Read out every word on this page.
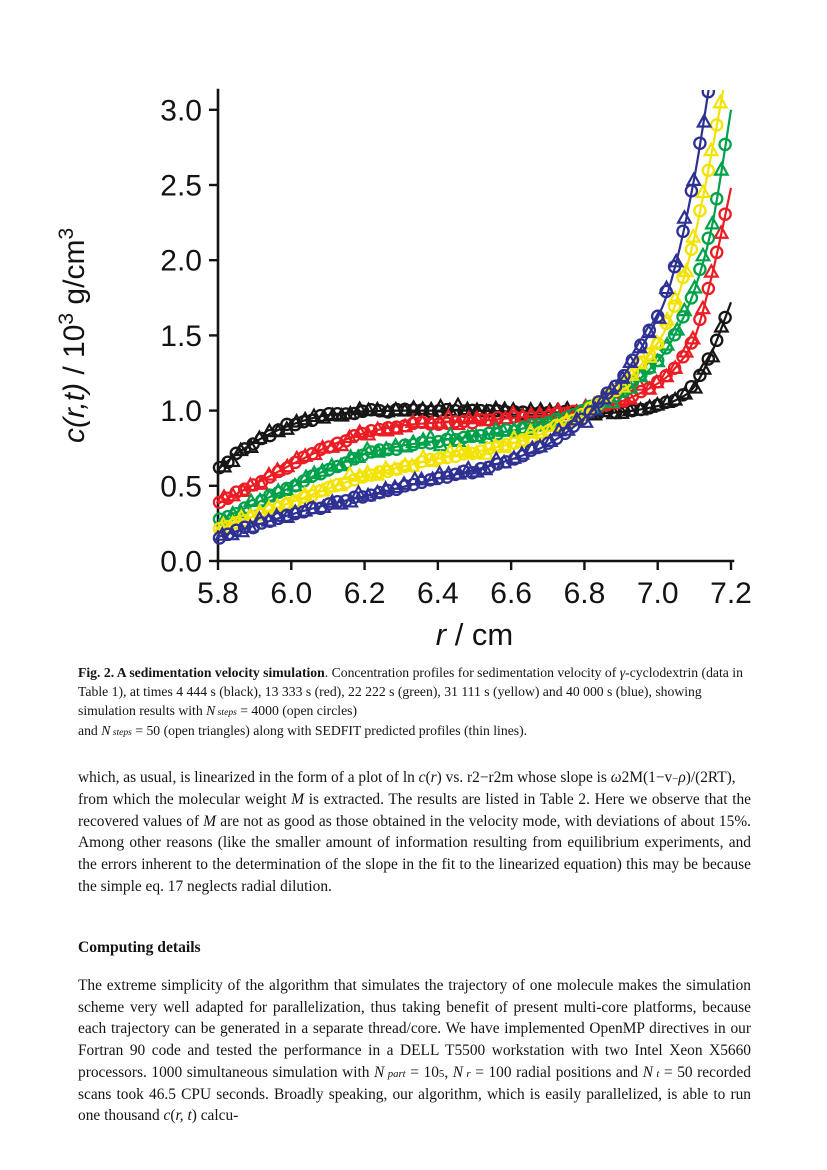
5.8 6.0 6.2 6.4 6.6 6.8 7.0 7.2
0.0
0.5
1.0
1.5
2.0
2.5
3.0
r / cm
$c(r,t) / 10^3$ $g/cm^3$
Fig. 2. A sedimentation velocity simulation. Concentration profiles for sedimentation velocity of γ-cyclodextrin (data in Table 1), at times 4 444 s (black), 13 333 s (red), 22 222 s (green), 31 111 s (yellow) and 40 000 s (blue), showing simulation results with N $_{steps}$ = 4000 (open circles)
and N $_{steps}$ = 50 (open triangles) along with SEDFIT predicted profiles (thin lines).
which, as usual, is linearized in the form of a plot of ln c(r) vs. r2−r2m whose slope is ω2M(1−v−ρ)/(2RT),
from which the molecular weight M is extracted. The results are listed in Table 2. Here we observe that the recovered values of M are not as good as those obtained in the velocity mode, with deviations of about 15%. Among other reasons (like the smaller amount of information resulting from equilibrium experiments, and the errors inherent to the determination of the slope in the fit to the linearized equation) this may be because the simple eq. 17 neglects radial dilution.
Computing details
The extreme simplicity of the algorithm that simulates the trajectory of one molecule makes the simulation scheme very well adapted for parallelization, thus taking benefit of present multi-core platforms, because each trajectory can be generated in a separate thread/core. We have implemented OpenMP directives in our Fortran 90 code and tested the performance in a DELL T5500 workstation with two Intel Xeon X5660 processors. 1000 simultaneous simulation with N $_{part} = 10^5$, N $_r$ = 100 radial positions and N $_t$ = 50 recorded scans took 46.5 CPU seconds. Broadly speaking, our algorithm, which is easily parallelized, is able to run one thousand c(r, t) calcu-
